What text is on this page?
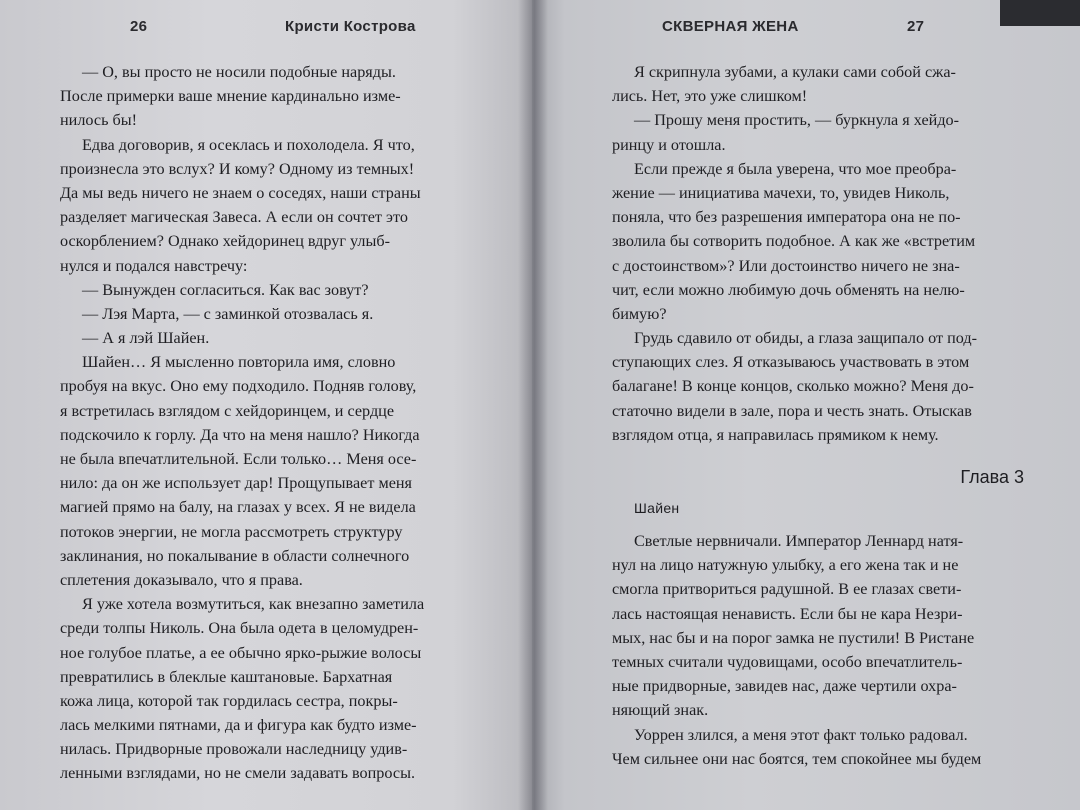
26	Кристи Кострова
— О, вы просто не носили подобные наряды.
После примерки ваше мнение кардинально изме-
нилось бы!
Едва договорив, я осеклась и похолодела. Я что,
произнесла это вслух? И кому? Одному из темных!
Да мы ведь ничего не знаем о соседях, наши страны
разделяет магическая Завеса. А если он сочтет это
оскорблением? Однако хейдоринец вдруг улыб-
нулся и подался навстречу:
— Вынужден согласиться. Как вас зовут?
— Лэя Марта, — с заминкой отозвалась я.
— А я лэй Шайен.
Шайен… Я мысленно повторила имя, словно
пробуя на вкус. Оно ему подходило. Подняв голову,
я встретилась взглядом с хейдоринцем, и сердце
подскочило к горлу. Да что на меня нашло? Никогда
не была впечатлительной. Если только… Меня осе-
нило: да он же использует дар! Прощупывает меня
магией прямо на балу, на глазах у всех. Я не видела
потоков энергии, не могла рассмотреть структуру
заклинания, но покалывание в области солнечного
сплетения доказывало, что я права.
Я уже хотела возмутиться, как внезапно заметила
среди толпы Николь. Она была одета в целомудрен-
ное голубое платье, а ее обычно ярко-рыжие волосы
превратились в блеклые каштановые. Бархатная
кожа лица, которой так гордилась сестра, покры-
лась мелкими пятнами, да и фигура как будто изме-
нилась. Придворные провожали наследницу удив-
ленными взглядами, но не смели задавать вопросы.
СКВЕРНАЯ ЖЕНА	27
Я скрипнула зубами, а кулаки сами собой сжа-
лись. Нет, это уже слишком!
— Прошу меня простить, — буркнула я хейдо-
ринцу и отошла.
Если прежде я была уверена, что мое преобра-
жение — инициатива мачехи, то, увидев Николь,
поняла, что без разрешения императора она не по-
зволила бы сотворить подобное. А как же «встретим
с достоинством»? Или достоинство ничего не зна-
чит, если можно любимую дочь обменять на нелю-
бимую?
Грудь сдавило от обиды, а глаза защипало от под-
ступающих слез. Я отказываюсь участвовать в этом
балагане! В конце концов, сколько можно? Меня до-
статочно видели в зале, пора и честь знать. Отыскав
взглядом отца, я направилась прямиком к нему.
Глава 3
Шайен
Светлые нервничали. Император Леннард натя-
нул на лицо натужную улыбку, а его жена так и не
смогла притвориться радушной. В ее глазах свети-
лась настоящая ненависть. Если бы не кара Незри-
мых, нас бы и на порог замка не пустили! В Ристане
темных считали чудовищами, особо впечатлитель-
ные придворные, завидев нас, даже чертили охра-
няющий знак.
Уоррен злился, а меня этот факт только радовал.
Чем сильнее они нас боятся, тем спокойнее мы будем
